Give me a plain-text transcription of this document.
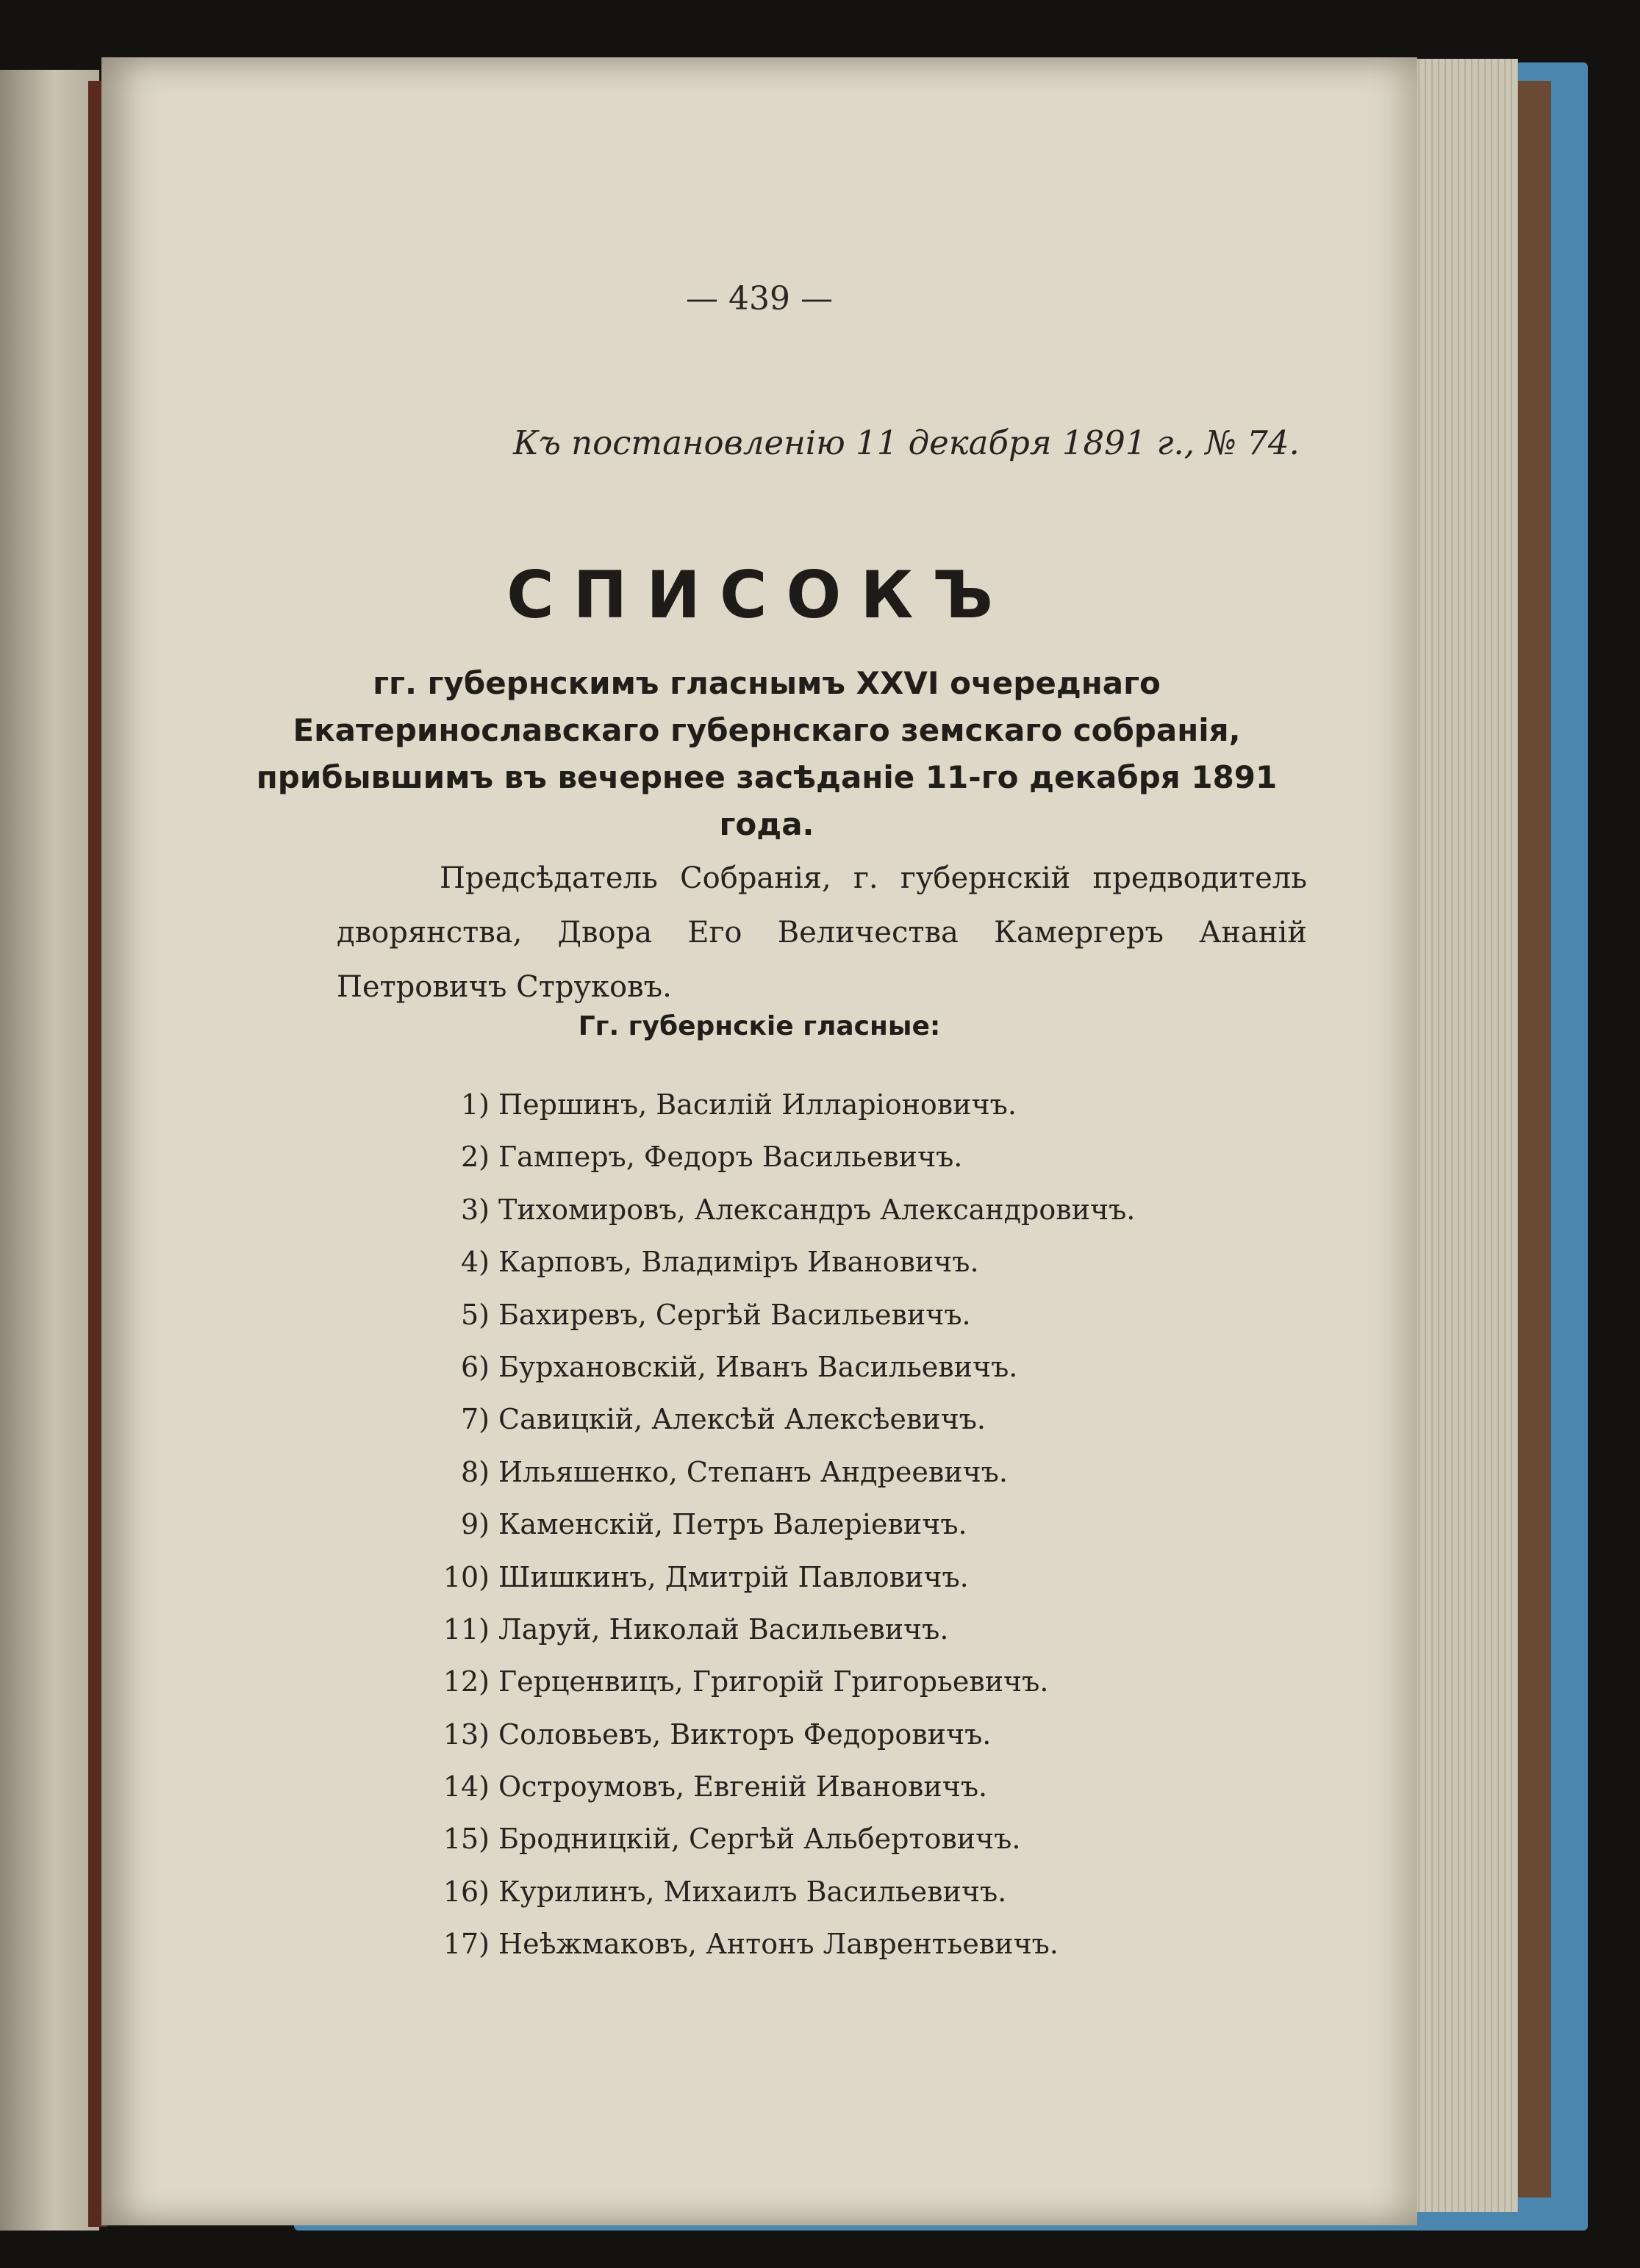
— 439 —
Къ постановленію 11 декабря 1891 г., № 74.
СПИСОКЪ
гг. губернскимъ гласнымъ XXVI очереднаго Екатеринославскаго губернскаго земскаго собранія, прибывшимъ въ вечернее засѣданіе 11-го декабря 1891 года.
Предсѣдатель Собранія, г. губернскій предводитель дворянства, Двора Его Величества Камергеръ Ананій Петровичъ Струковъ.
Гг. губернскіе гласные:
1) Першинъ, Василій Илларіоновичъ.
2) Гамперъ, Федоръ Васильевичъ.
3) Тихомировъ, Александръ Александровичъ.
4) Карповъ, Владиміръ Ивановичъ.
5) Бахиревъ, Сергѣй Васильевичъ.
6) Бурхановскій, Иванъ Васильевичъ.
7) Савицкій, Алексѣй Алексѣевичъ.
8) Ильяшенко, Степанъ Андреевичъ.
9) Каменскій, Петръ Валеріевичъ.
10) Шишкинъ, Дмитрій Павловичъ.
11) Ларуй, Николай Васильевичъ.
12) Герценвицъ, Григорій Григорьевичъ.
13) Соловьевъ, Викторъ Федоровичъ.
14) Остроумовъ, Евгеній Ивановичъ.
15) Бродницкій, Сергѣй Альбертовичъ.
16) Курилинъ, Михаилъ Васильевичъ.
17) Неѣжмаковъ, Антонъ Лаврентьевичъ.
